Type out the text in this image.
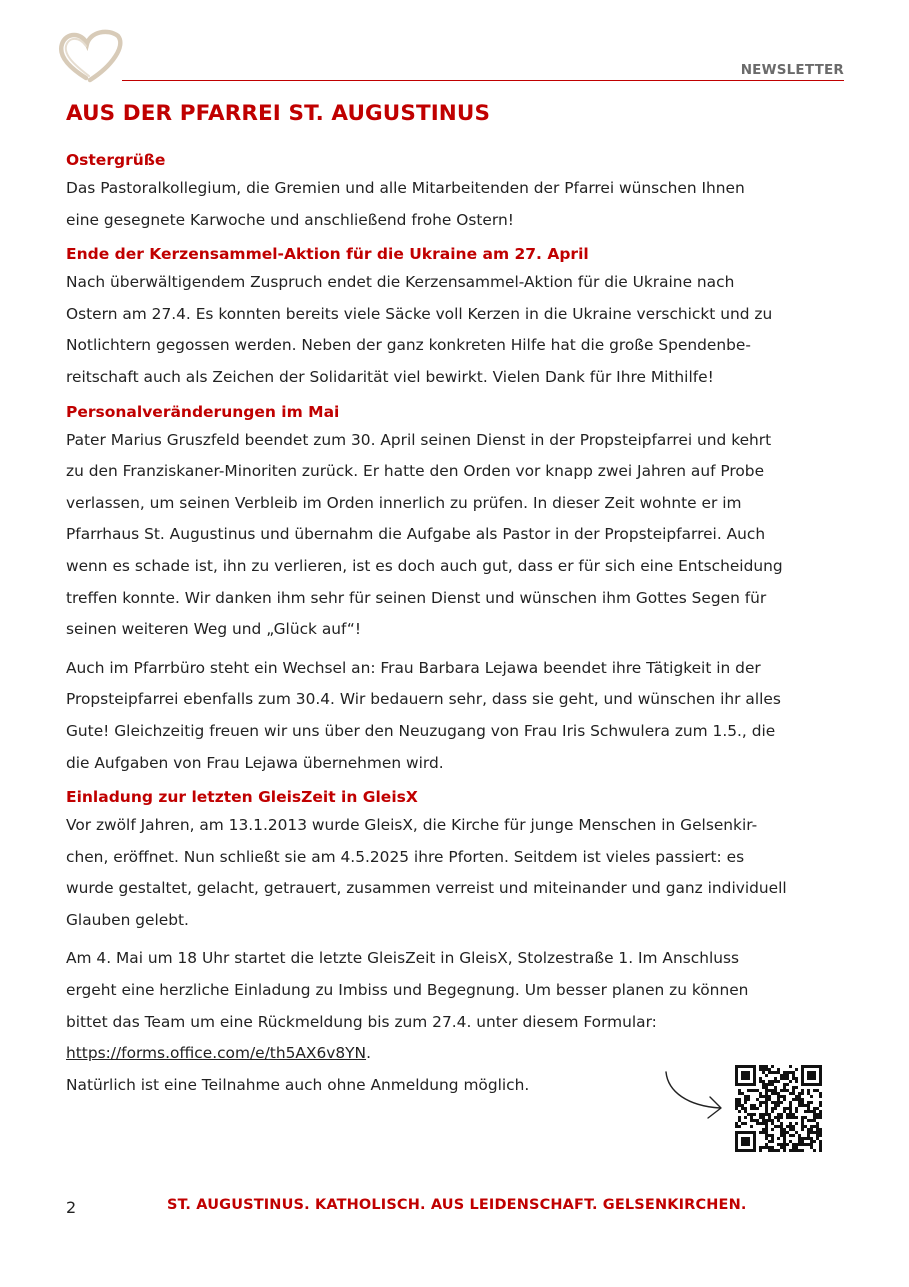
NEWSLETTER
AUS DER PFARREI ST. AUGUSTINUS
Ostergrüße

Das Pastoralkollegium, die Gremien und alle Mitarbeitenden der Pfarrei wünschen Ihnen
eine gesegnete Karwoche und anschließend frohe Ostern!

Ende der Kerzensammel-Aktion für die Ukraine am 27. April

Nach überwältigendem Zuspruch endet die Kerzensammel-Aktion für die Ukraine nach
Ostern am 27.4. Es konnten bereits viele Säcke voll Kerzen in die Ukraine verschickt und zu
Notlichtern gegossen werden. Neben der ganz konkreten Hilfe hat die große Spendenbe-
reitschaft auch als Zeichen der Solidarität viel bewirkt. Vielen Dank für Ihre Mithilfe!

Personalveränderungen im Mai

Pater Marius Gruszfeld beendet zum 30. April seinen Dienst in der Propsteipfarrei und kehrt
zu den Franziskaner-Minoriten zurück. Er hatte den Orden vor knapp zwei Jahren auf Probe
verlassen, um seinen Verbleib im Orden innerlich zu prüfen. In dieser Zeit wohnte er im
Pfarrhaus St. Augustinus und übernahm die Aufgabe als Pastor in der Propsteipfarrei. Auch
wenn es schade ist, ihn zu verlieren, ist es doch auch gut, dass er für sich eine Entscheidung
treffen konnte. Wir danken ihm sehr für seinen Dienst und wünschen ihm Gottes Segen für
seinen weiteren Weg und „Glück auf“!

Auch im Pfarrbüro steht ein Wechsel an: Frau Barbara Lejawa beendet ihre Tätigkeit in der
Propsteipfarrei ebenfalls zum 30.4. Wir bedauern sehr, dass sie geht, und wünschen ihr alles
Gute! Gleichzeitig freuen wir uns über den Neuzugang von Frau Iris Schwulera zum 1.5., die
die Aufgaben von Frau Lejawa übernehmen wird.

Einladung zur letzten GleisZeit in GleisX

Vor zwölf Jahren, am 13.1.2013 wurde GleisX, die Kirche für junge Menschen in Gelsenkir-
chen, eröffnet. Nun schließt sie am 4.5.2025 ihre Pforten. Seitdem ist vieles passiert: es
wurde gestaltet, gelacht, getrauert, zusammen verreist und miteinander und ganz individuell
Glauben gelebt.

Am 4. Mai um 18 Uhr startet die letzte GleisZeit in GleisX, Stolzestraße 1. Im Anschluss
ergeht eine herzliche Einladung zu Imbiss und Begegnung. Um besser planen zu können
bittet das Team um eine Rückmeldung bis zum 27.4. unter diesem Formular:
https://forms.office.com/e/th5AX6v8YN.
Natürlich ist eine Teilnahme auch ohne Anmeldung möglich.

2	ST. AUGUSTINUS. KATHOLISCH. AUS LEIDENSCHAFT. GELSENKIRCHEN.
